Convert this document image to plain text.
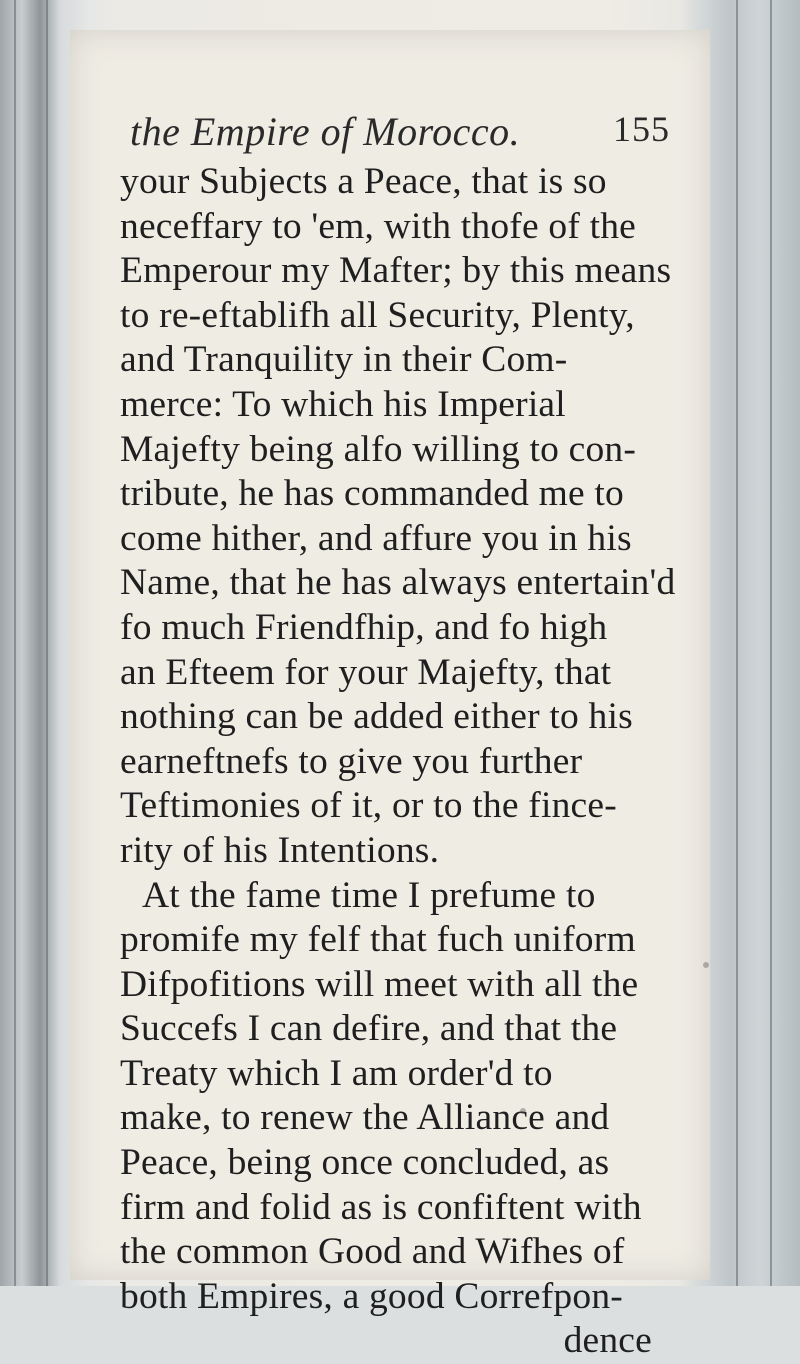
the Empire of Morocco.	155
your Subjects a Peace, that is so
neceffary to 'em, with thofe of the
Emperour my Mafter; by this means
to re-eftablifh all Security, Plenty,
and Tranquility in their Com-
merce: To which his Imperial
Majefty being alfo willing to con-
tribute, he has commanded me to
come hither, and affure you in his
Name, that he has always entertain'd
fo much Friendfhip, and fo high
an Efteem for your Majefty, that
nothing can be added either to his
earneftnefs to give you further
Teftimonies of it, or to the fince-
rity of his Intentions.
At the fame time I prefume to
promife my felf that fuch uniform
Difpofitions will meet with all the
Succefs I can defire, and that the
Treaty which I am order'd to
make, to renew the Alliance and
Peace, being once concluded, as
firm and folid as is confiftent with
the common Good and Wifhes of
both Empires, a good Correfpon-
dence
